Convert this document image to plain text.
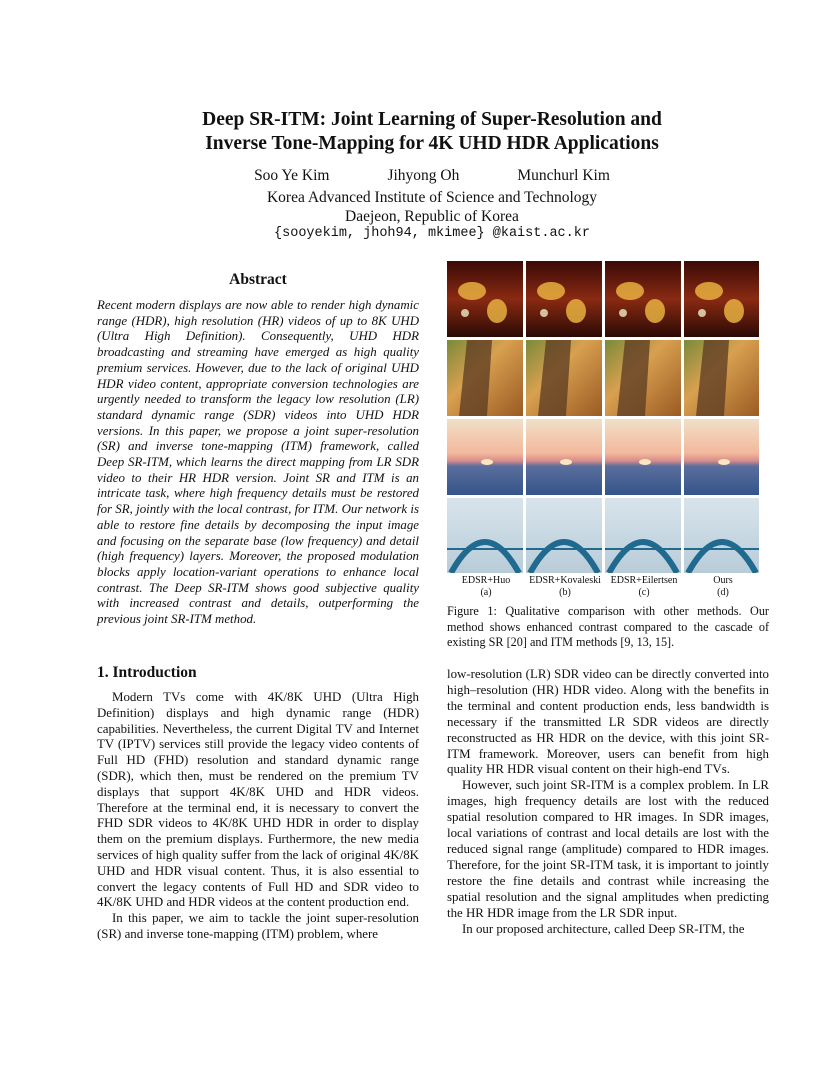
Deep SR-ITM: Joint Learning of Super-Resolution and
Inverse Tone-Mapping for 4K UHD HDR Applications
Soo Ye Kim	Jihyong Oh	Munchurl Kim
Korea Advanced Institute of Science and Technology
Daejeon, Republic of Korea
{sooyekim, jhoh94, mkimee} @kaist.ac.kr
Abstract
Recent modern displays are now able to render high dynamic range (HDR), high resolution (HR) videos of up to 8K UHD (Ultra High Definition). Consequently, UHD HDR broadcasting and streaming have emerged as high quality premium services. However, due to the lack of original UHD HDR video content, appropriate conversion technologies are urgently needed to transform the legacy low resolution (LR) standard dynamic range (SDR) videos into UHD HDR versions. In this paper, we propose a joint super-resolution (SR) and inverse tone-mapping (ITM) framework, called Deep SR-ITM, which learns the direct mapping from LR SDR video to their HR HDR version. Joint SR and ITM is an intricate task, where high frequency details must be restored for SR, jointly with the local contrast, for ITM. Our network is able to restore fine details by decomposing the input image and focusing on the separate base (low frequency) and detail (high frequency) layers. Moreover, the proposed modulation blocks apply location-variant operations to enhance local contrast. The Deep SR-ITM shows good subjective quality with increased contrast and details, outperforming the previous joint SR-ITM method.
EDSR+Huo
(a)
EDSR+Kovaleski
(b)
EDSR+Eilertsen
(c)
Ours
(d)
Figure 1: Qualitative comparison with other methods. Our method shows enhanced contrast compared to the cascade of existing SR [20] and ITM methods [9, 13, 15].
1. Introduction

Modern TVs come with 4K/8K UHD (Ultra High Definition) displays and high dynamic range (HDR) capabilities. Nevertheless, the current Digital TV and Internet TV (IPTV) services still provide the legacy video contents of Full HD (FHD) resolution and standard dynamic range (SDR), which then, must be rendered on the premium TV displays that support 4K/8K UHD and HDR videos. Therefore at the terminal end, it is necessary to convert the FHD SDR videos to 4K/8K UHD HDR in order to display them on the premium displays. Furthermore, the new media services of high quality suffer from the lack of original 4K/8K UHD and HDR visual content. Thus, it is also essential to convert the legacy contents of Full HD and SDR video to 4K/8K UHD and HDR videos at the content production end.

In this paper, we aim to tackle the joint super-resolution (SR) and inverse tone-mapping (ITM) problem, where

low-resolution (LR) SDR video can be directly converted into high–resolution (HR) HDR video. Along with the benefits in the terminal and content production ends, less bandwidth is necessary if the transmitted LR SDR videos are directly reconstructed as HR HDR on the device, with this joint SR-ITM framework. Moreover, users can benefit from high quality HR HDR visual content on their high-end TVs.

However, such joint SR-ITM is a complex problem. In LR images, high frequency details are lost with the reduced spatial resolution compared to HR images. In SDR images, local variations of contrast and local details are lost with the reduced signal range (amplitude) compared to HDR images. Therefore, for the joint SR-ITM task, it is important to jointly restore the fine details and contrast while increasing the spatial resolution and the signal amplitudes when predicting the HR HDR image from the LR SDR input.

In our proposed architecture, called Deep SR-ITM, the
